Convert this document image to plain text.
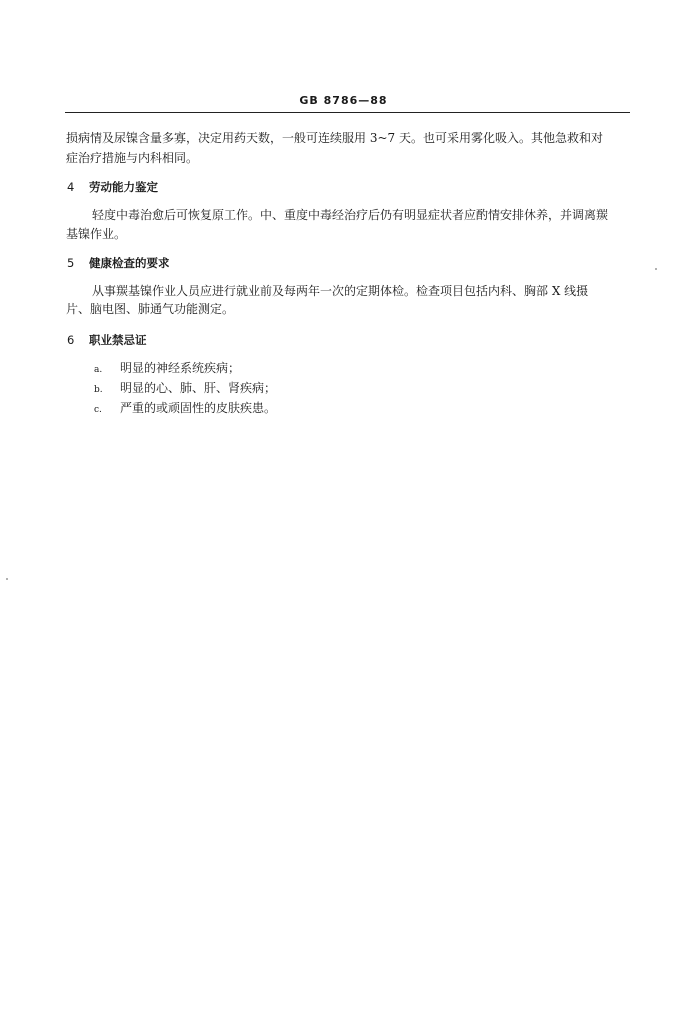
GB 8786—88
损病情及尿镍含量多寡，决定用药天数，一般可连续服用 3~7 天。也可采用雾化吸入。其他急救和对
症治疗措施与内科相同。
4 劳动能力鉴定
轻度中毒治愈后可恢复原工作。中、重度中毒经治疗后仍有明显症状者应酌情安排休养，并调离羰
基镍作业。
5 健康检查的要求
从事羰基镍作业人员应进行就业前及每两年一次的定期体检。检查项目包括内科、胸部 X 线摄
片、脑电图、肺通气功能测定。
6 职业禁忌证
a. 明显的神经系统疾病；
b. 明显的心、肺、肝、肾疾病；
c. 严重的或顽固性的皮肤疾患。
